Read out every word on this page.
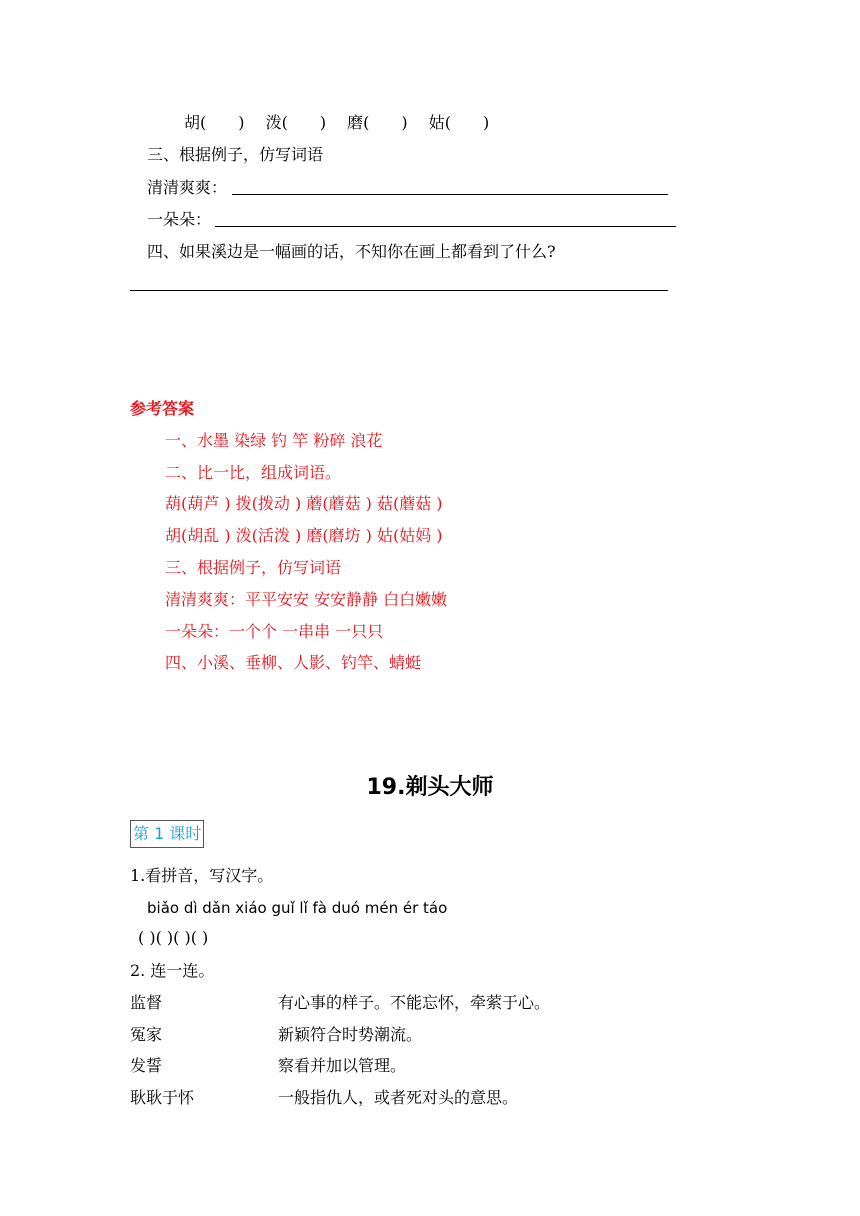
胡(　　)　 泼(　　)　 磨(　　)　 姑(　　)
三、根据例子，仿写词语
清清爽爽：
一朵朵：
四、如果溪边是一幅画的话，不知你在画上都看到了什么?
参考答案
一、水墨 染绿 钓 竿 粉碎 浪花
二、比一比，组成词语。
葫(葫芦 ) 拨(拨动 ) 蘑(蘑菇 ) 菇(蘑菇 )
胡(胡乱 ) 泼(活泼 ) 磨(磨坊 ) 姑(姑妈 )
三、根据例子，仿写词语
清清爽爽：平平安安 安安静静 白白嫩嫩
一朵朵：一个个 一串串 一只只
四、小溪、垂柳、人影、钓竿、蜻蜓
19.剃头大师
第 1 课时
1.看拼音，写汉字。
biǎo dì dǎn xiáo guǐ lǐ fà duó mén ér táo
( )( )( )( )
2. 连一连。
监督	有心事的样子。不能忘怀，牵萦于心。
冤家	新颖符合时势潮流。
发誓	察看并加以管理。
耿耿于怀	一般指仇人，或者死对头的意思。
